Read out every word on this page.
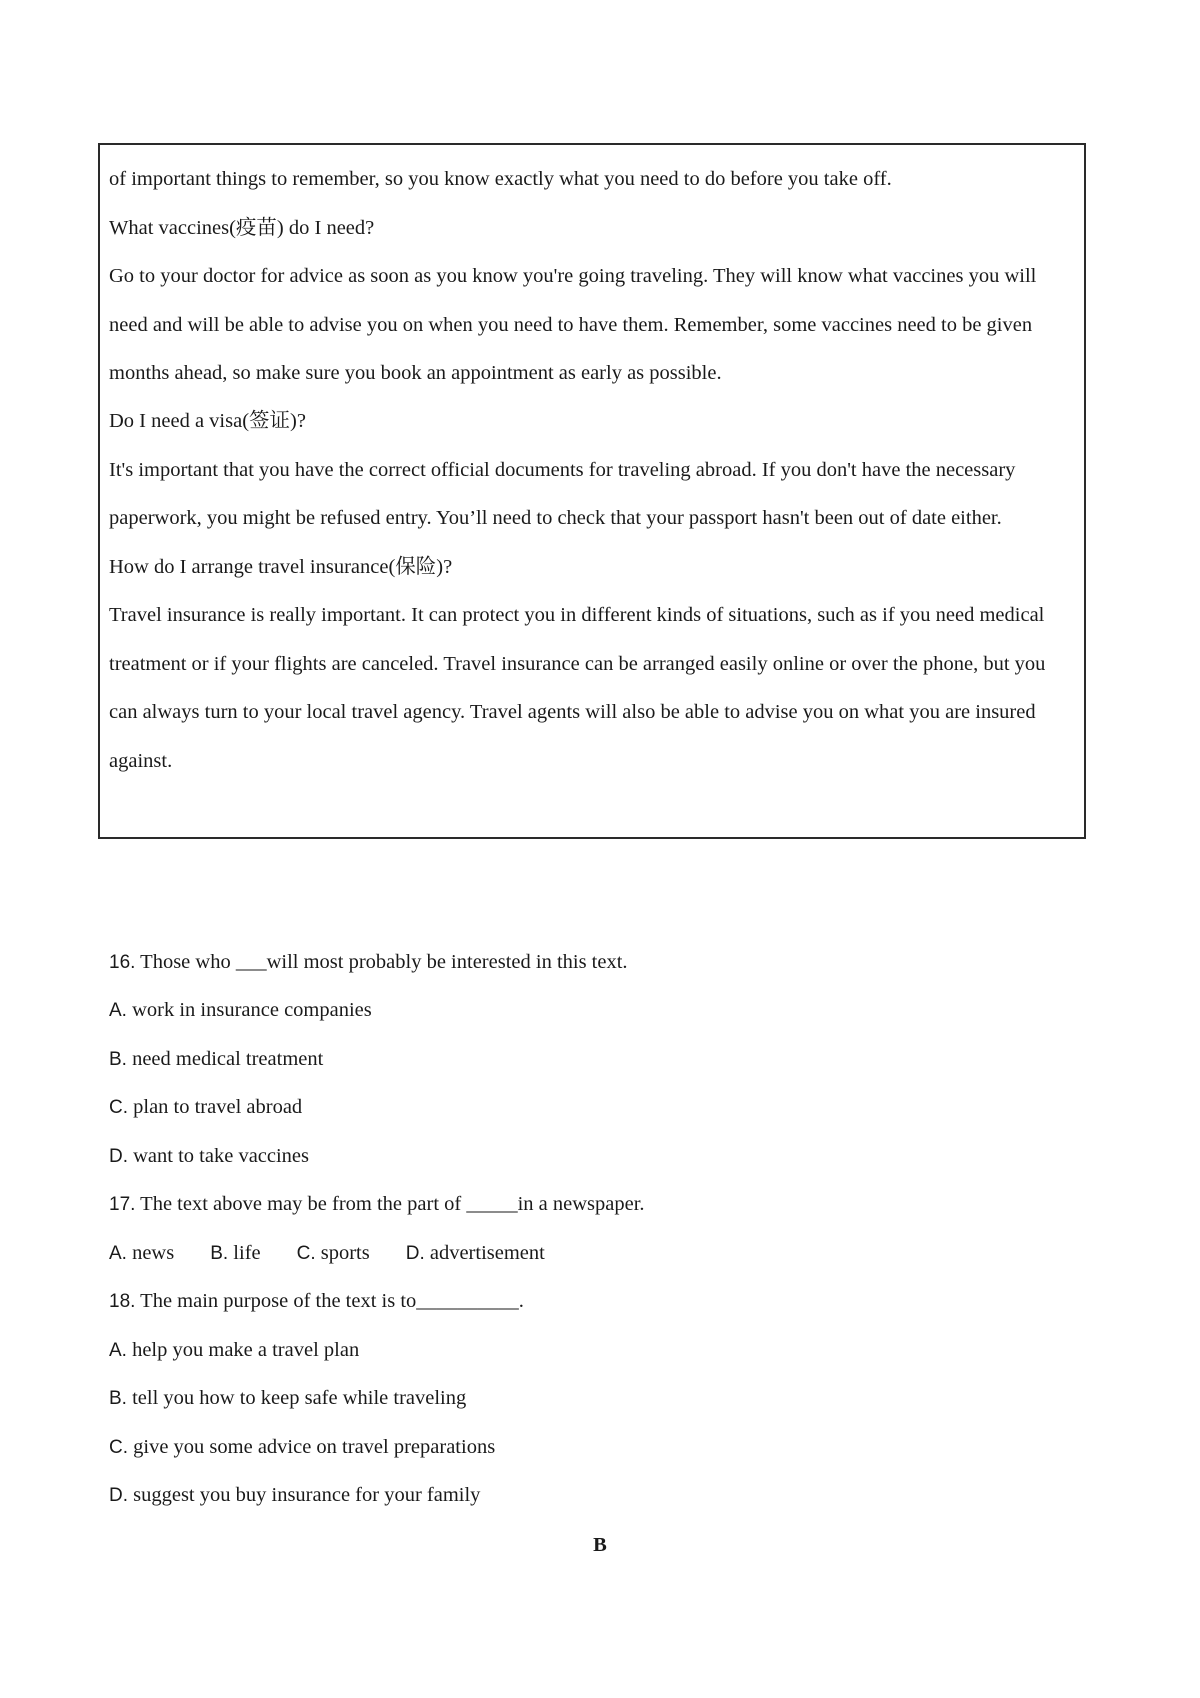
of important things to remember, so you know exactly what you need to do before you take off.
What vaccines(疫苗) do I need?
Go to your doctor for advice as soon as you know you're going traveling. They will know what vaccines you will
need and will be able to advise you on when you need to have them. Remember, some vaccines need to be given
months ahead, so make sure you book an appointment as early as possible.
Do I need a visa(签证)?
It's important that you have the correct official documents for traveling abroad. If you don't have the necessary
paperwork, you might be refused entry. You’ll need to check that your passport hasn't been out of date either.
How do I arrange travel insurance(保险)?
Travel insurance is really important. It can protect you in different kinds of situations, such as if you need medical
treatment or if your flights are canceled. Travel insurance can be arranged easily online or over the phone, but you
can always turn to your local travel agency. Travel agents will also be able to advise you on what you are insured
against.
16. Those who ___will most probably be interested in this text.
A. work in insurance companies
B. need medical treatment
C. plan to travel abroad
D. want to take vaccines
17. The text above may be from the part of _____in a newspaper.
A. news B. life C. sports D. advertisement
18. The main purpose of the text is to__________.
A. help you make a travel plan
B. tell you how to keep safe while traveling
C. give you some advice on travel preparations
D. suggest you buy insurance for your family
B
